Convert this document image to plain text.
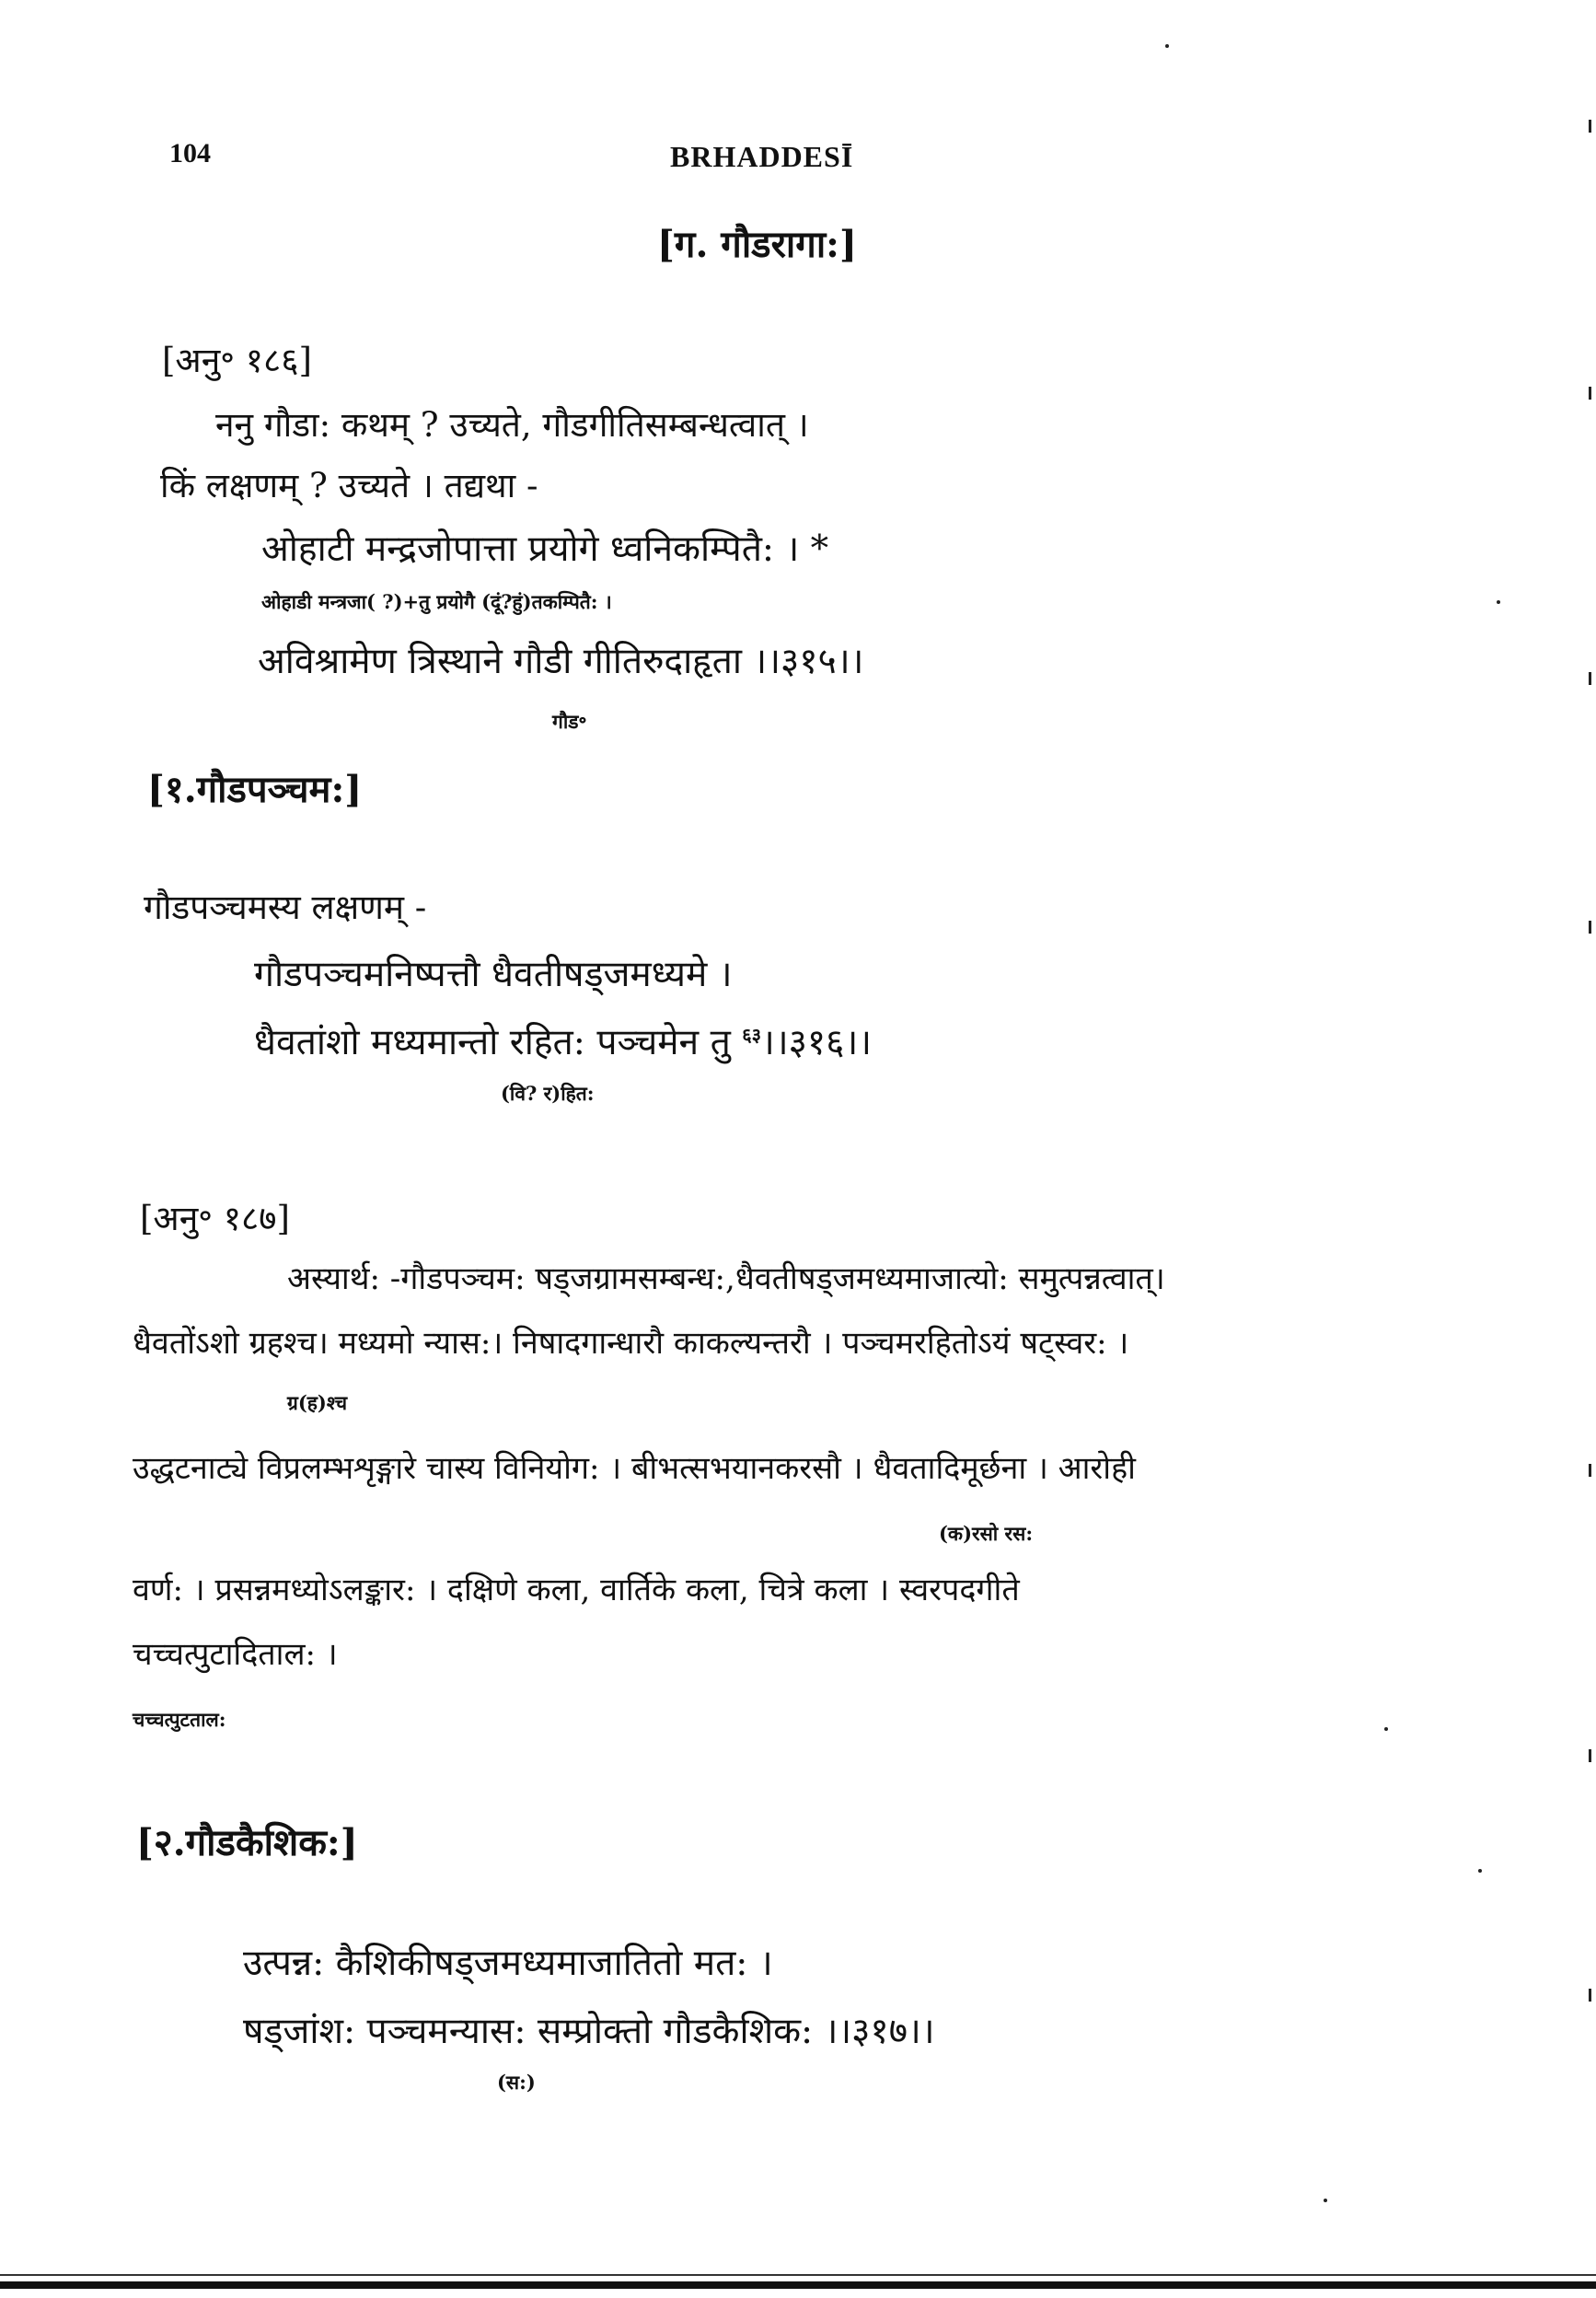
104	BRHADDESĪ
[ग. गौडरागा:]
[अनु॰ १८६]
ननु गौडा: कथम् ? उच्यते, गौडगीतिसम्बन्धत्वात् ।
किं लक्षणम् ? उच्यते । तद्यथा -
ओहाटी मन्द्रजोपात्ता प्रयोगे ध्वनिकम्पितै: । *
ओहाडी मन्त्रजा( ?)+तु प्रयोगै (दूं?हुं)तकम्पितै: ।
अविश्रामेण त्रिस्थाने गौडी गीतिरुदाहृता ।।३१५।।
गौड॰
[१.गौडपञ्चम:]
गौडपञ्चमस्य लक्षणम् -
गौडपञ्चमनिष्पत्तौ धैवतीषड्जमध्यमे ।
धैवतांशो मध्यमान्तो रहित: पञ्चमेन तु $^{६३}$।।३१६।।
(वि? र)हित:
[अनु॰ १८७]
अस्यार्थ: -गौडपञ्चम: षड्जग्रामसम्बन्ध:,धैवतीषड्जमध्यमाजात्यो: समुत्पन्नत्वात्।
धैवतोंऽशो ग्रहश्च। मध्यमो न्यास:। निषादगान्धारौ काकल्यन्तरौ । पञ्चमरहितोऽयं षट्स्वर: ।
ग्र(ह)श्च
उद्धटनाट्ये विप्रलम्भशृङ्गारे चास्य विनियोग: । बीभत्सभयानकरसौ । धैवतादिमूर्छना । आरोही
(क)रसो रस:
वर्ण: । प्रसन्नमध्योऽलङ्कार: । दक्षिणे कला, वार्तिके कला, चित्रे कला । स्वरपदगीते
चच्चत्पुटादिताल: ।
चच्चत्पुटताल:
[२.गौडकैशिक:]
उत्पन्न: कैशिकीषड्जमध्यमाजातितो मत: ।
षड्जांश: पञ्चमन्यास: सम्प्रोक्तो गौडकैशिक: ।।३१७।।
(स:)
